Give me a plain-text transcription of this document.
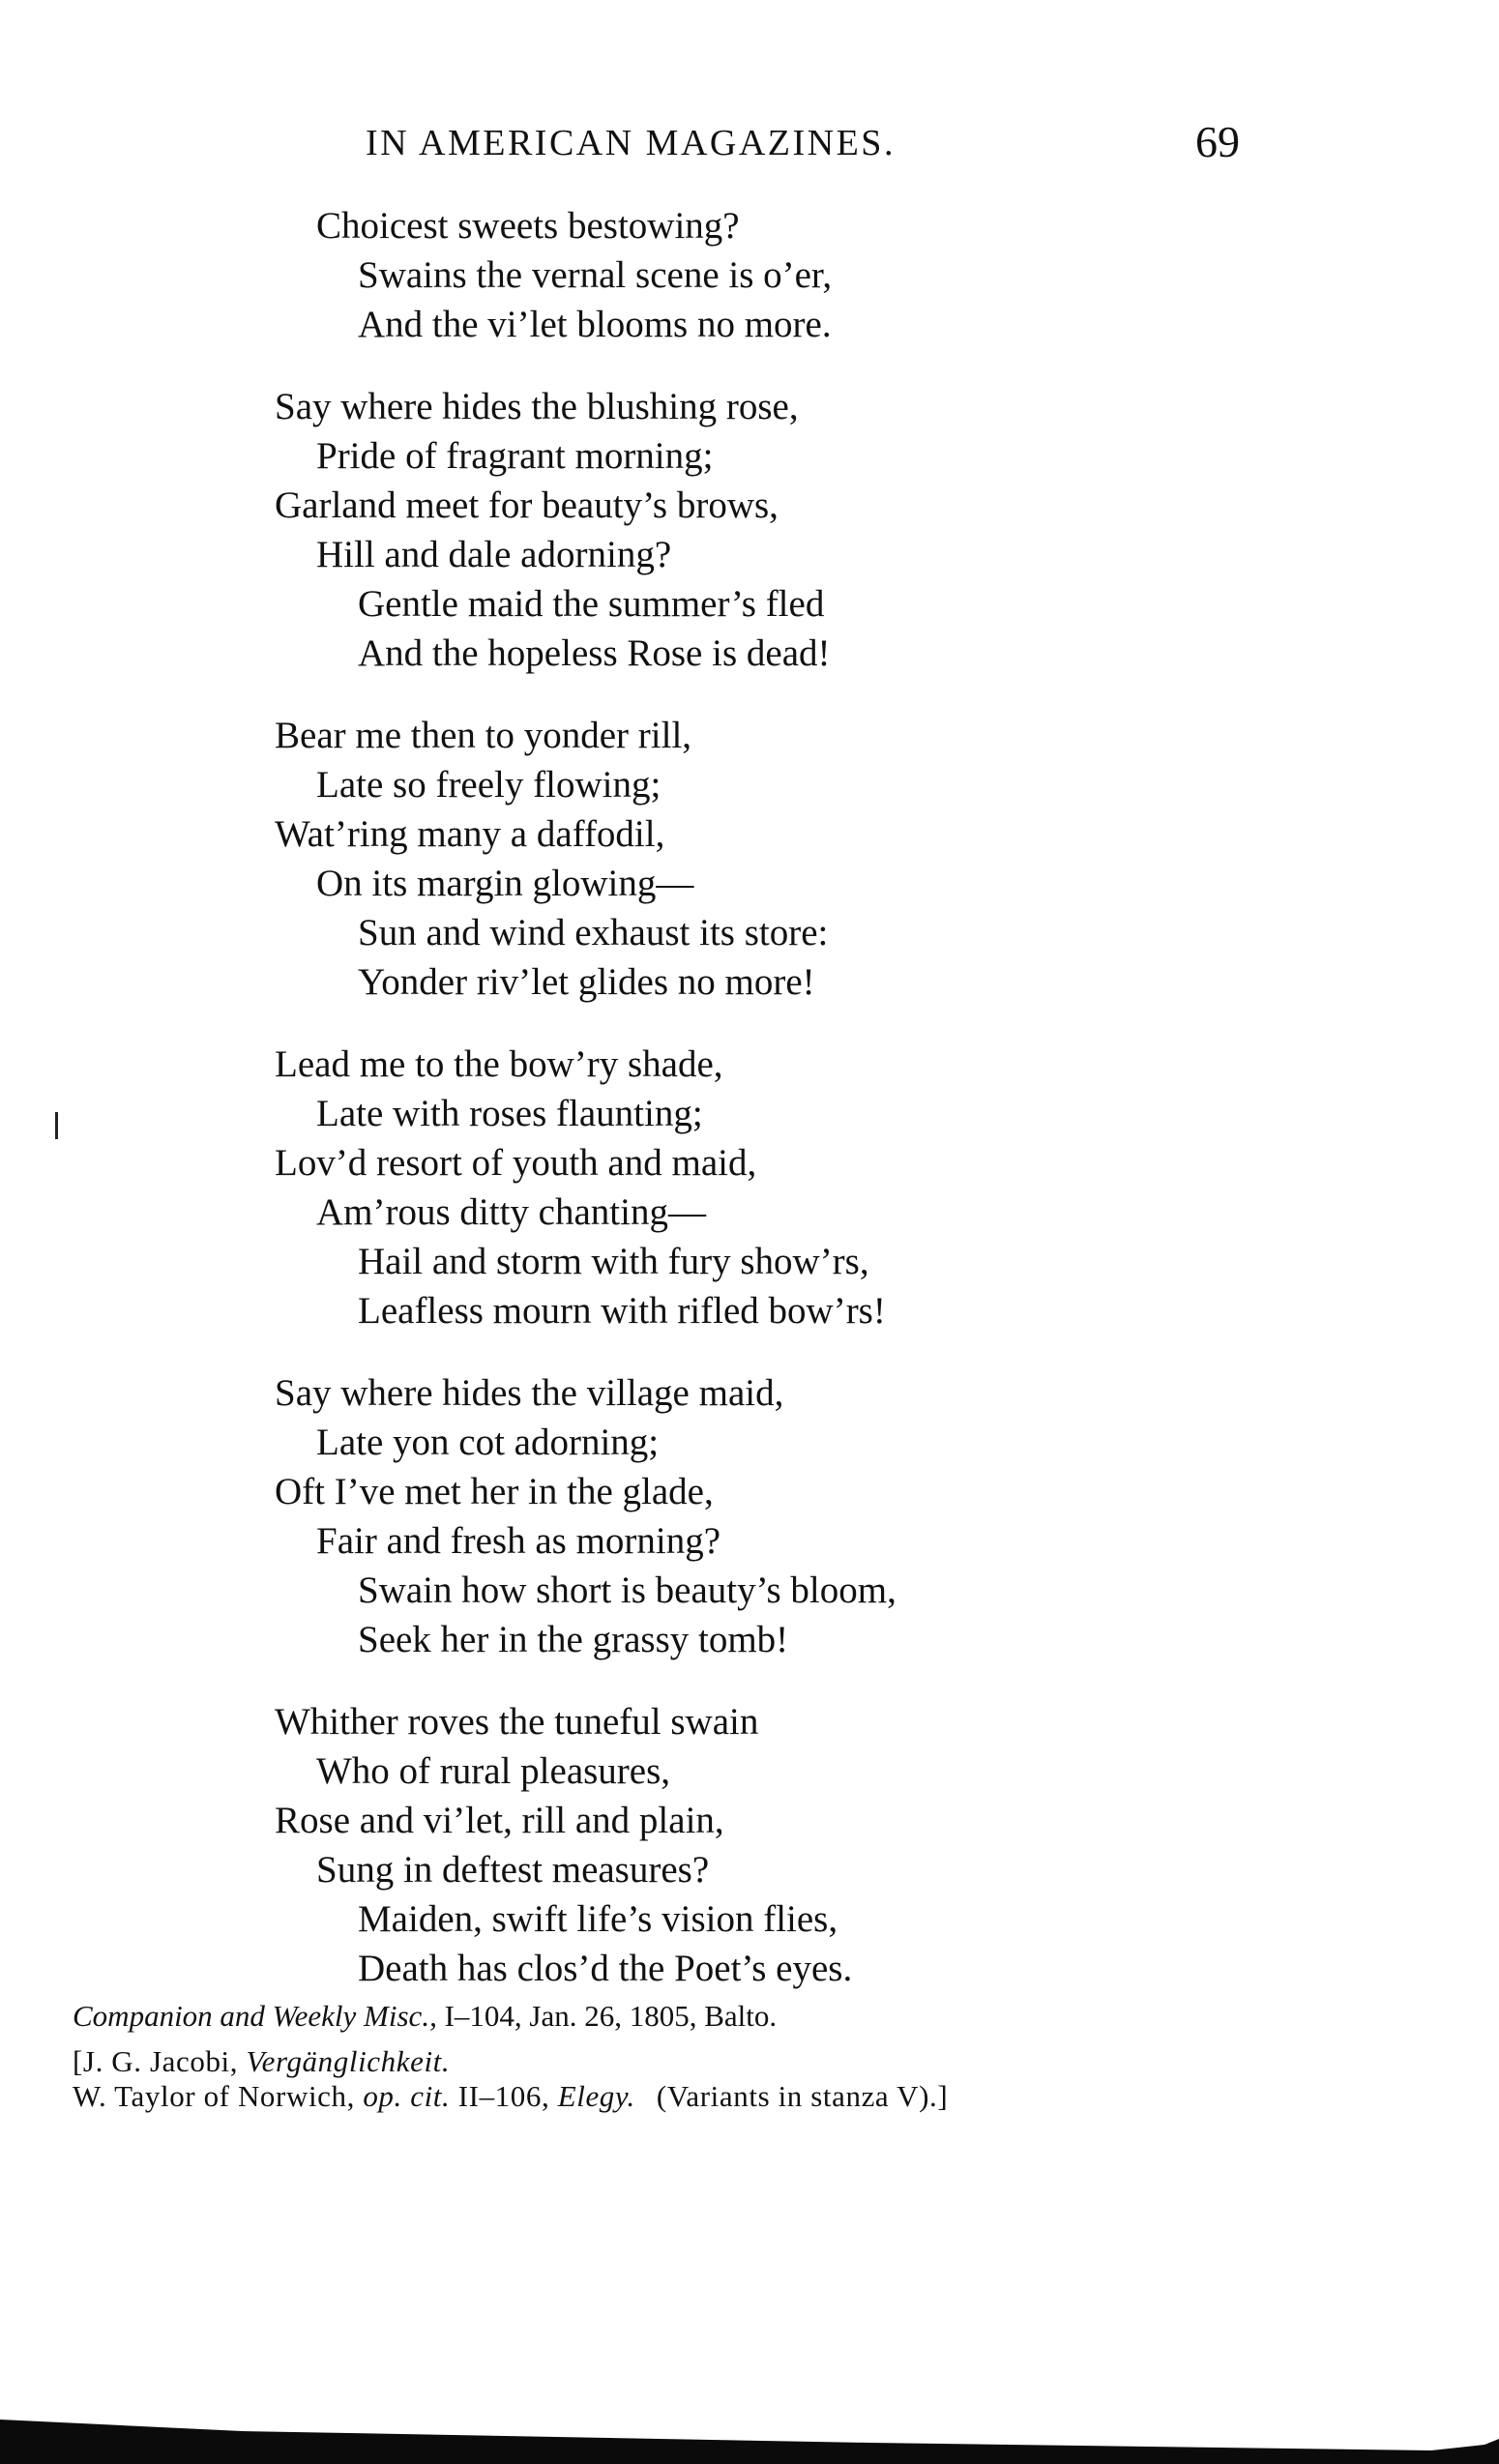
IN AMERICAN MAGAZINES.	69
Choicest sweets bestowing?
Swains the vernal scene is o’er,
And the vi’let blooms no more.
Say where hides the blushing rose,
Pride of fragrant morning;
Garland meet for beauty’s brows,
Hill and dale adorning?
Gentle maid the summer’s fled
And the hopeless Rose is dead!
Bear me then to yonder rill,
Late so freely flowing;
Wat’ring many a daffodil,
On its margin glowing—
Sun and wind exhaust its store:
Yonder riv’let glides no more!
Lead me to the bow’ry shade,
Late with roses flaunting;
Lov’d resort of youth and maid,
Am’rous ditty chanting—
Hail and storm with fury show’rs,
Leafless mourn with rifled bow’rs!
Say where hides the village maid,
Late yon cot adorning;
Oft I’ve met her in the glade,
Fair and fresh as morning?
Swain how short is beauty’s bloom,
Seek her in the grassy tomb!
Whither roves the tuneful swain
Who of rural pleasures,
Rose and vi’let, rill and plain,
Sung in deftest measures?
Maiden, swift life’s vision flies,
Death has clos’d the Poet’s eyes.
Companion and Weekly Misc., I–104, Jan. 26, 1805, Balto.
[J. G. Jacobi, Vergänglichkeit.
W. Taylor of Norwich, op. cit. II–106, Elegy. (Variants in stanza V).]
